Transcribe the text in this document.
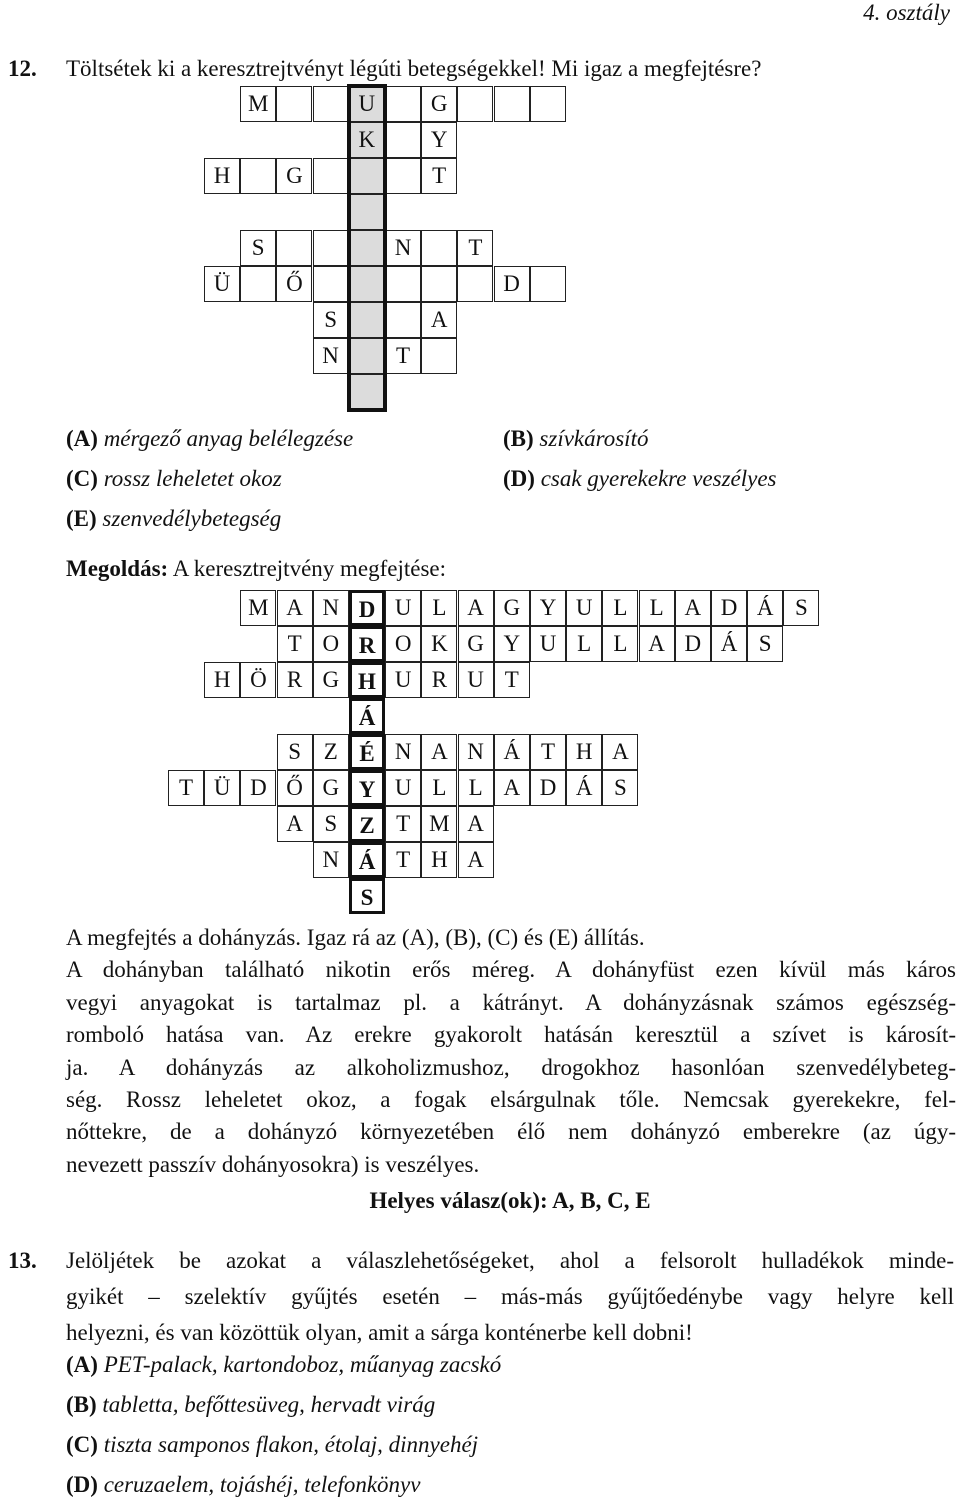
4. osztály
12. Töltsétek ki a keresztrejtvényt légúti betegségekkel! Mi igaz a megfejtésre?
M	U	G
K	Y
H	G	T
S	N	T
Ü	Ő	D
S	A
N	T
(A) mérgező anyag belélegzése	(B) szívkárosító
(C) rossz leheletet okoz	(D) csak gyerekekre veszélyes
(E) szenvedélybetegség
Megoldás: A keresztrejtvény megfejtése:
M A N D U L A G Y U L L A D Á S
T O R O K G Y U L L A D Á S
H Ö R G H U R U T
Á
S Z É N A N Á T H A
T Ü D Ő G Y U L L A D Á S
A S Z T M A
N Á T H A
S
A megfejtés a dohányzás. Igaz rá az (A), (B), (C) és (E) állítás.
A dohányban található nikotin erős méreg. A dohányfüst ezen kívül más káros
vegyi anyagokat is tartalmaz pl. a kátrányt. A dohányzásnak számos egészség-
romboló hatása van. Az erekre gyakorolt hatásán keresztül a szívet is károsít-
ja. A dohányzás az alkoholizmushoz, drogokhoz hasonlóan szenvedélybeteg-
ség. Rossz leheletet okoz, a fogak elsárgulnak tőle. Nemcsak gyerekekre, fel-
nőttekre, de a dohányzó környezetében élő nem dohányzó emberekre (az úgy-
nevezett passzív dohányosokra) is veszélyes.
Helyes válasz(ok): A, B, C, E
13. Jelöljétek be azokat a válaszlehetőségeket, ahol a felsorolt hulladékok minde-
gyikét – szelektív gyűjtés esetén – más-más gyűjtőedénybe vagy helyre kell
helyezni, és van közöttük olyan, amit a sárga konténerbe kell dobni!
(A) PET-palack, kartondoboz, műanyag zacskó
(B) tabletta, befőttesüveg, hervadt virág
(C) tiszta samponos flakon, étolaj, dinnyehéj
(D) ceruzaelem, tojáshéj, telefonkönyv
